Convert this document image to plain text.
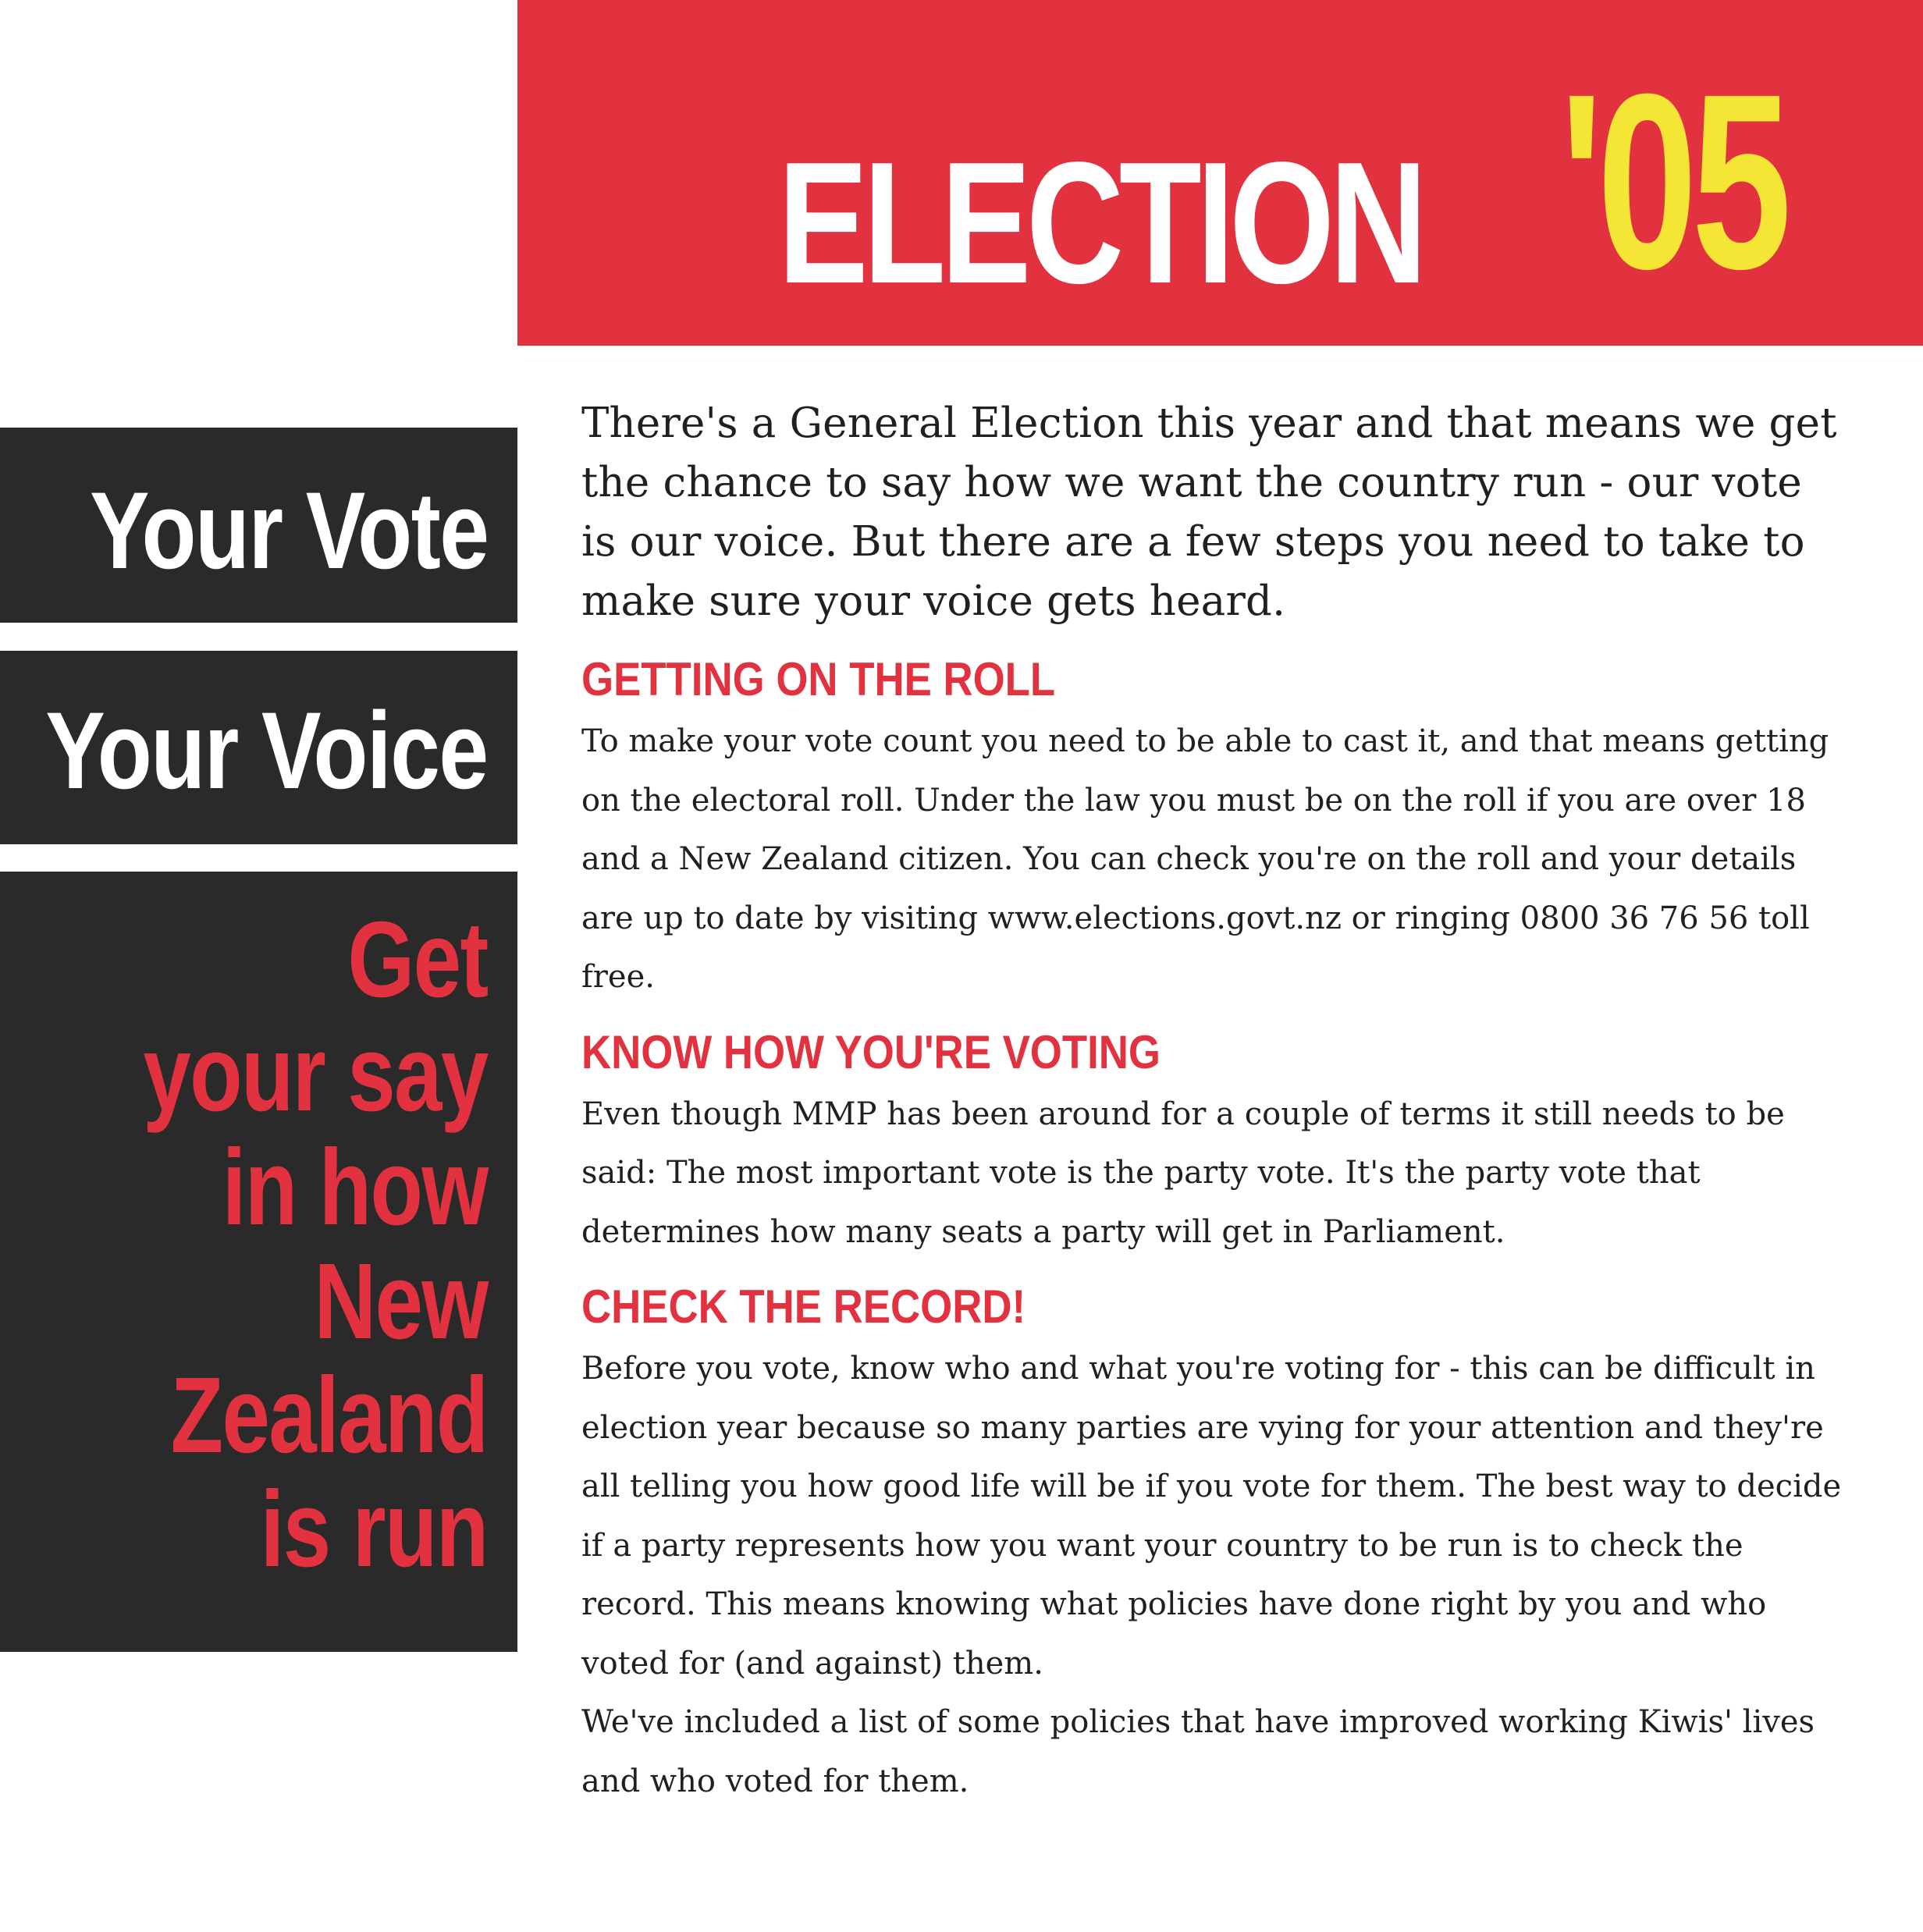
'05
ELECTION
Your Vote
Your Voice
Get
your say
in how
New
Zealand
is run

There's a General Election this year and that means we get the chance to say how we want the country run - our vote is our voice. But there are a few steps you need to take to make sure your voice gets heard.

GETTING ON THE ROLL

To make your vote count you need to be able to cast it, and that means getting on the electoral roll. Under the law you must be on the roll if you are over 18 and a New Zealand citizen. You can check you're on the roll and your details are up to date by visiting www.elections.govt.nz or ringing 0800 36 76 56 toll free.

KNOW HOW YOU'RE VOTING

Even though MMP has been around for a couple of terms it still needs to be said: The most important vote is the party vote. It's the party vote that determines how many seats a party will get in Parliament.

CHECK THE RECORD!

Before you vote, know who and what you're voting for - this can be difficult in election year because so many parties are vying for your attention and they're all telling you how good life will be if you vote for them. The best way to decide if a party represents how you want your country to be run is to check the record. This means knowing what policies have done right by you and who voted for (and against) them.

We've included a list of some policies that have improved working Kiwis' lives and who voted for them.
